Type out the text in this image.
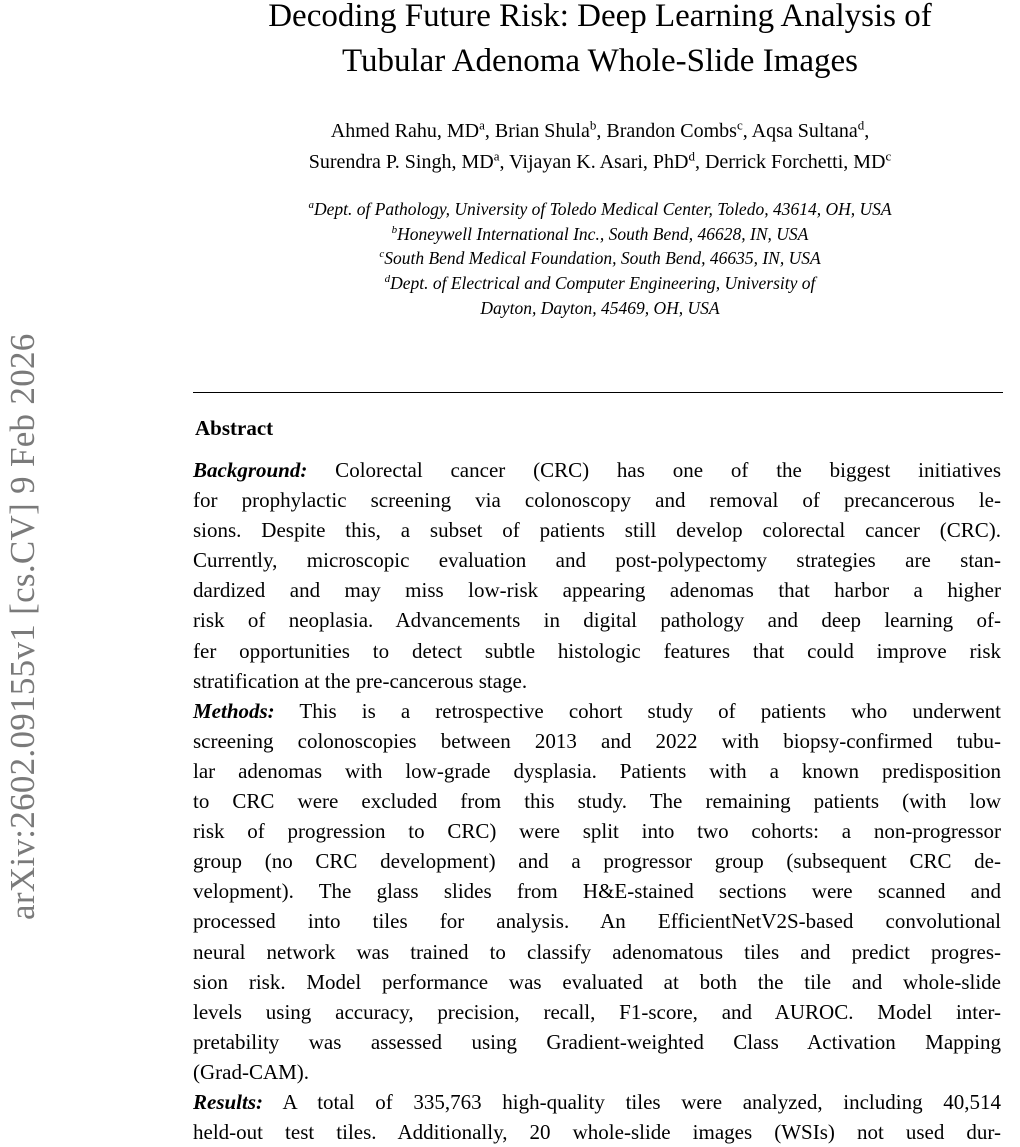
arXiv:2602.09155v1 [cs.CV] 9 Feb 2026
Decoding Future Risk: Deep Learning Analysis of
Tubular Adenoma Whole-Slide Images
Ahmed Rahu, $MD^a$, Brian Shula$^b$, Brandon Combs$^c$, Aqsa Sultana$^d$,
Surendra P. Singh, $MD^a$, Vijayan K. Asari, PhD$^d$, Derrick Forchetti, $MD^c$
$^a$Dept. of Pathology, University of Toledo Medical Center, Toledo, 43614, OH, USA
$^b$Honeywell International Inc., South Bend, 46628, IN, USA
$^c$South Bend Medical Foundation, South Bend, 46635, IN, USA
$^d$Dept. of Electrical and Computer Engineering, University of
Dayton, Dayton, 45469, OH, USA
Abstract
Background: Colorectal cancer (CRC) has one of the biggest initiatives
for prophylactic screening via colonoscopy and removal of precancerous le-
sions. Despite this, a subset of patients still develop colorectal cancer (CRC).
Currently, microscopic evaluation and post-polypectomy strategies are stan-
dardized and may miss low-risk appearing adenomas that harbor a higher
risk of neoplasia. Advancements in digital pathology and deep learning of-
fer opportunities to detect subtle histologic features that could improve risk
stratification at the pre-cancerous stage.
Methods: This is a retrospective cohort study of patients who underwent
screening colonoscopies between 2013 and 2022 with biopsy-confirmed tubu-
lar adenomas with low-grade dysplasia. Patients with a known predisposition
to CRC were excluded from this study. The remaining patients (with low
risk of progression to CRC) were split into two cohorts: a non-progressor
group (no CRC development) and a progressor group (subsequent CRC de-
velopment). The glass slides from H&E-stained sections were scanned and
processed into tiles for analysis. An EfficientNetV2S-based convolutional
neural network was trained to classify adenomatous tiles and predict progres-
sion risk. Model performance was evaluated at both the tile and whole-slide
levels using accuracy, precision, recall, F1-score, and AUROC. Model inter-
pretability was assessed using Gradient-weighted Class Activation Mapping
(Grad-CAM).
Results: A total of 335,763 high-quality tiles were analyzed, including 40,514
held-out test tiles. Additionally, 20 whole-slide images (WSIs) not used dur-
